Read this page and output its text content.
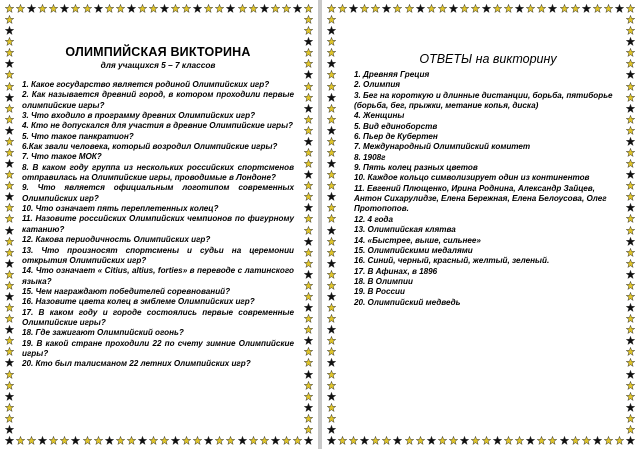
ОЛИМПИЙСКАЯ ВИКТОРИНА
для учащихся 5 – 7 классов
1. Какое государство является родиной Олимпийских игр?
2. Как называется древний город, в котором проходили первые олимпийские игры?
3. Что входило в программу древних Олимпийских игр?
4. Кто не допускался для участия в древние Олимпийские игры?
5. Что такое панкратион?
6.Как звали человека, который возродил Олимпийские игры?
7. Что такое МОК?
8. В каком году группа из нескольких российских спортсменов отправилась на Олимпийские игры, проводимые в Лондоне?
9. Что является официальным логотипом современных Олимпийских игр?
10. Что означает пять переплетенных колец?
11. Назовите российских Олимпийских чемпионов по фигурному катанию?
12. Какова периодичность Олимпийских игр?
13. Что произносят спортсмены и судьи на церемонии открытия Олимпийских игр?
14. Что означает « Citius, altius, forties» в переводе с латинского языка?
15. Чем награждают победителей соревнований?
16. Назовите цвета колец в эмблеме Олимпийских игр?
17. В каком году и городе состоялись первые современные Олимпийские игры?
18. Где зажигают Олимпийский огонь?
19. В какой стране проходили 22 по счету зимние Олимпийские игры?
20. Кто был талисманом 22 летних Олимпийских игр?
ОТВЕТЫ на викторину
1. Древняя Греция
2. Олимпия
3. Бег на короткую и длинные дистанции, борьба, пятиборье (борьба, бег, прыжки, метание копья, диска)
4. Женщины
5. Вид единоборств
6. Пьер де Кубертен
7. Международный Олимпийский комитет
8. 1908г
9. Пять колец разных цветов
10. Каждое кольцо символизирует один из континентов
11. Евгений Плющенко, Ирина Роднина, Александр Зайцев, Антон Сихарулидзе, Елена Бережная, Елена Белоусова, Олег Протопопов.
12. 4 года
13. Олимпийская клятва
14. «Быстрее, выше, сильнее»
15. Олимпийскими медалями
16. Синий, черный, красный, желтый, зеленый.
17. В Афинах, в 1896
18. В Олимпии
19. В России
20. Олимпийский медведь
